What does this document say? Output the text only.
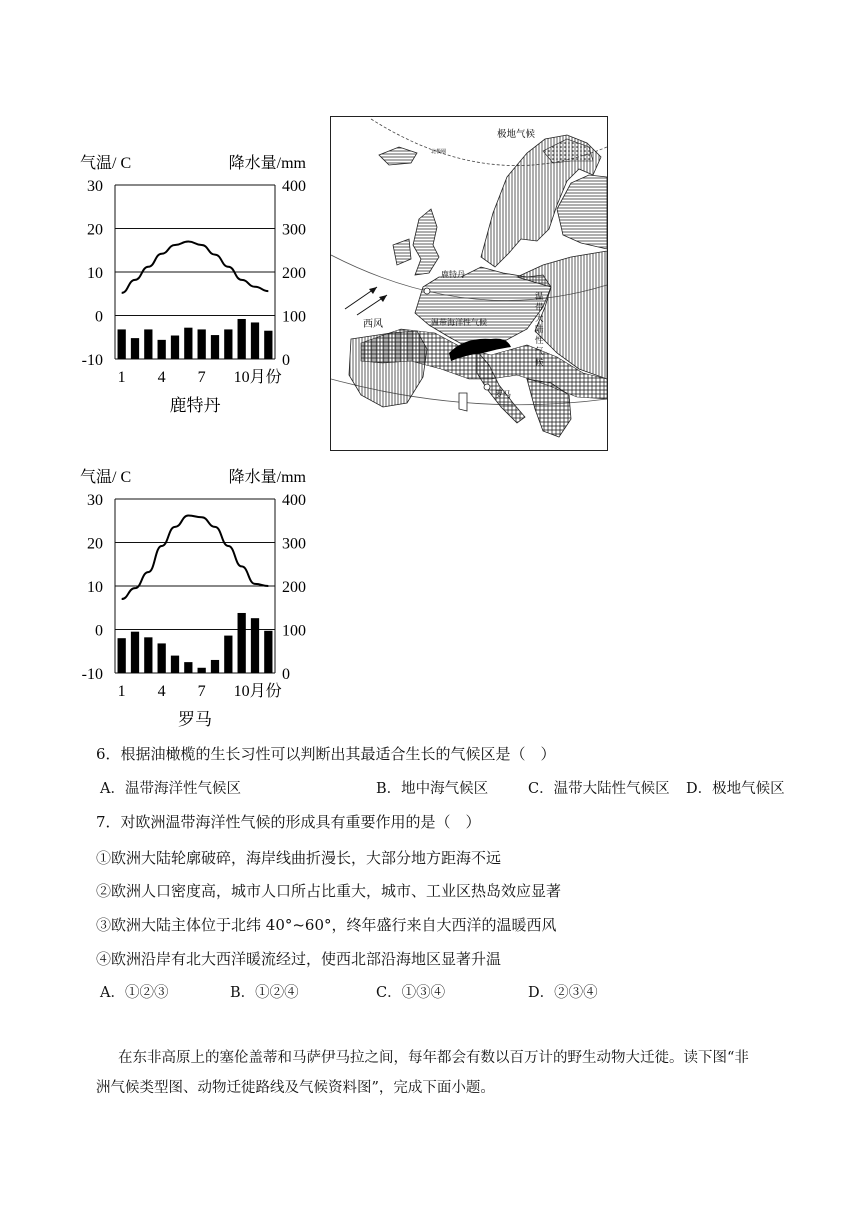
气温/ C	降水量/mm
30	400
20	300
10	200
0	100
-10	0
1 4 7 10 月份
鹿特丹
气温/ C	降水量/mm
30	400
20	300
10	200
0	100
-10	0
1 4 7 10 月份
罗马
极地气候
北极圈
鹿特丹
西风	温带海洋性气候
罗马
温带大陆性气候
6．根据油橄榄的生长习性可以判断出其最适合生长的气候区是（　）
A．温带海洋性气候区	B．地中海气候区	C．温带大陆性气候区 D．极地气候区
7．对欧洲温带海洋性气候的形成具有重要作用的是（　）
①欧洲大陆轮廓破碎，海岸线曲折漫长，大部分地方距海不远
②欧洲人口密度高，城市人口所占比重大，城市、工业区热岛效应显著
③欧洲大陆主体位于北纬 40°~60°，终年盛行来自大西洋的温暖西风
④欧洲沿岸有北大西洋暖流经过，使西北部沿海地区显著升温
A．①②③	B．①②④	C．①③④	D．②③④
在东非高原上的塞伦盖蒂和马萨伊马拉之间，每年都会有数以百万计的野生动物大迁徙。读下图“非
洲气候类型图、动物迁徙路线及气候资料图”，完成下面小题。
